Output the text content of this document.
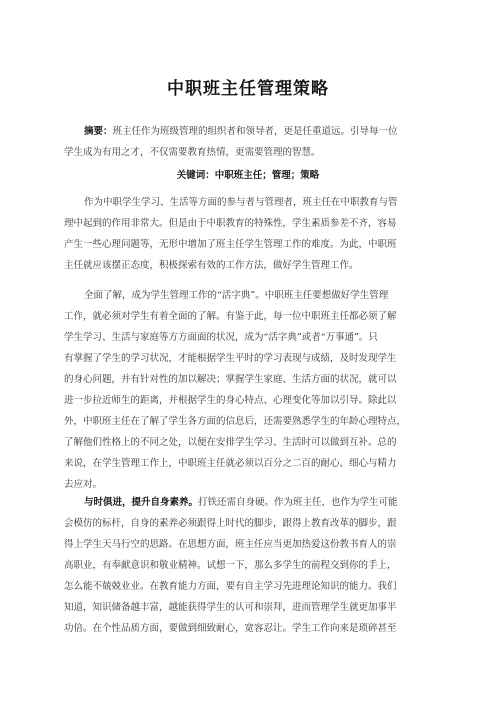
中职班主任管理策略
摘要：班主任作为班级管理的组织者和领导者，更是任重道远。引导每一位
学生成为有用之才，不仅需要教育热情，更需要管理的智慧。
关键词：中职班主任；管理；策略
作为中职学生学习、生活等方面的参与者与管理者，班主任在中职教育与管
理中起到的作用非常大。但是由于中职教育的特殊性，学生素质参差不齐，容易
产生一些心理问题等，无形中增加了班主任学生管理工作的难度。为此，中职班
主任就应该摆正态度，积极探索有效的工作方法，做好学生管理工作。
全面了解，成为学生管理工作的“活字典”。中职班主任要想做好学生管理
工作，就必须对学生有着全面的了解。有鉴于此，每一位中职班主任都必须了解
学生学习、生活与家庭等方方面面的状况，成为“活字典”或者“万事通”。只
有掌握了学生的学习状况，才能根据学生平时的学习表现与成绩，及时发现学生
的身心问题，并有针对性的加以解决；掌握学生家庭、生活方面的状况，就可以
进一步拉近师生的距离，并根据学生的身心特点、心理变化等加以引导。除此以
外，中职班主任在了解了学生各方面的信息后，还需要熟悉学生的年龄心理特点，
了解他们性格上的不同之处，以便在安排学生学习、生活时可以做到互补。总的
来说，在学生管理工作上，中职班主任就必须以百分之二百的耐心、细心与精力
去应对。
与时俱进，提升自身素养。打铁还需自身硬。作为班主任，也作为学生可能
会模仿的标杆，自身的素养必须跟得上时代的脚步，跟得上教育改革的脚步，跟
得上学生天马行空的思路。在思想方面，班主任应当更加热爱这份教书育人的崇
高职业，有奉献意识和敬业精神。试想一下，那么多学生的前程交到你的手上，
怎么能不兢兢业业。在教育能力方面，要有自主学习先进理论知识的能力。我们
知道，知识储备越丰富，越能获得学生的认可和崇拜，进而管理学生就更加事半
功倍。在个性品质方面，要做到细致耐心，宽容忍让。学生工作向来是琐碎甚至
